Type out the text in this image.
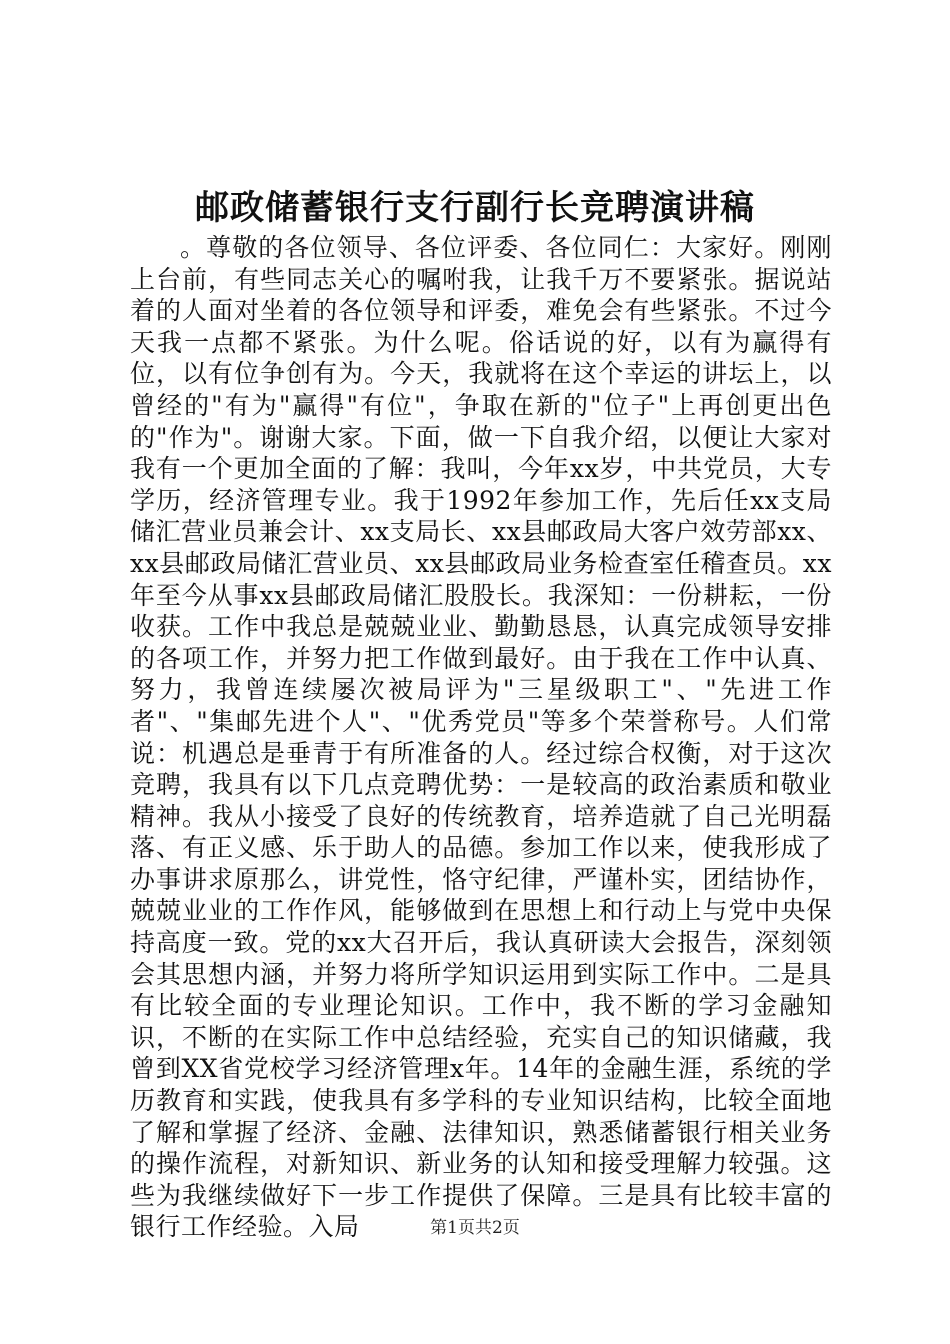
邮政储蓄银行支行副行长竞聘演讲稿

。尊敬的各位领导、各位评委、各位同仁：大家好。刚刚上台前，有些同志关心的嘱咐我，让我千万不要紧张。据说站着的人面对坐着的各位领导和评委，难免会有些紧张。不过今天我一点都不紧张。为什么呢。俗话说的好，以有为赢得有位，以有位争创有为。今天，我就将在这个幸运的讲坛上，以曾经的"有为"赢得"有位"，争取在新的"位子"上再创更出色的"作为"。谢谢大家。下面，做一下自我介绍，以便让大家对我有一个更加全面的了解：我叫，今年xx岁，中共党员，大专学历，经济管理专业。我于1992年参加工作，先后任xx支局储汇营业员兼会计、xx支局长、xx县邮政局大客户效劳部xx、xx县邮政局储汇营业员、xx县邮政局业务检查室任稽查员。xx年至今从事xx县邮政局储汇股股长。我深知：一份耕耘，一份收获。工作中我总是兢兢业业、勤勤恳恳，认真完成领导安排的各项工作，并努力把工作做到最好。由于我在工作中认真、努力，我曾连续屡次被局评为"三星级职工"、"先进工作者"、"集邮先进个人"、"优秀党员"等多个荣誉称号。人们常说：机遇总是垂青于有所准备的人。经过综合权衡，对于这次竞聘，我具有以下几点竞聘优势：一是较高的政治素质和敬业精神。我从小接受了良好的传统教育，培养造就了自己光明磊落、有正义感、乐于助人的品德。参加工作以来，使我形成了办事讲求原那么，讲党性，恪守纪律，严谨朴实，团结协作，兢兢业业的工作作风，能够做到在思想上和行动上与党中央保持高度一致。党的xx大召开后，我认真研读大会报告，深刻领会其思想内涵，并努力将所学知识运用到实际工作中。二是具有比较全面的专业理论知识。工作中，我不断的学习金融知识，不断的在实际工作中总结经验，充实自己的知识储藏，我曾到XX省党校学习经济管理x年。14年的金融生涯，系统的学历教育和实践，使我具有多学科的专业知识结构，比较全面地了解和掌握了经济、金融、法律知识，熟悉储蓄银行相关业务的操作流程，对新知识、新业务的认知和接受理解力较强。这些为我继续做好下一步工作提供了保障。三是具有比较丰富的银行工作经验。入局	第1页共2页
